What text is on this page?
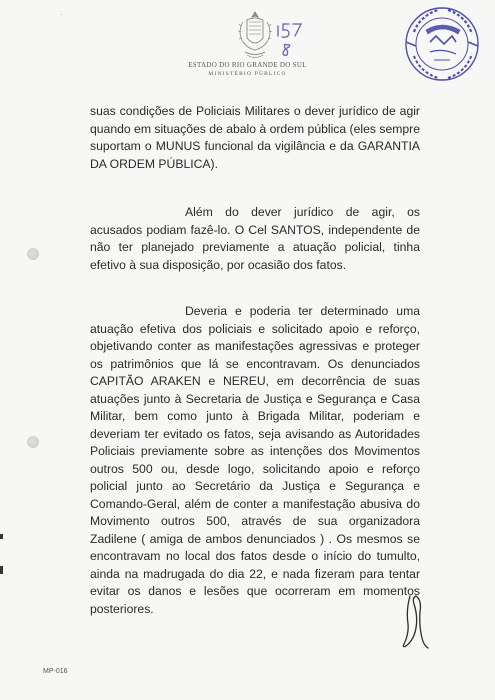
·
ESTADO DO RIO GRANDE DO SUL
MINISTÉRIO PÚBLICO

suas condições de Policiais Militares o dever jurídico de agir quando em situações de abalo à ordem pública (eles sempre suportam o MUNUS funcional da vigilância e da GARANTIA DA ORDEM PÚBLICA).

Além do dever jurídico de agir, os acusados podiam fazê-lo. O Cel SANTOS, independente de não ter planejado previamente a atuação policial, tinha efetivo à sua disposição, por ocasião dos fatos.

Deveria e poderia ter determinado uma atuação efetiva dos policiais e solicitado apoio e reforço, objetivando conter as manifestações agressivas e proteger os patrimônios que lá se encontravam. Os denunciados CAPITÃO ARAKEN e NEREU, em decorrência de suas atuações junto à Secretaria de Justiça e Segurança e Casa Militar, bem como junto à Brigada Militar, poderiam e deveriam ter evitado os fatos, seja avisando as Autoridades Policiais previamente sobre as intenções dos Movimentos outros 500 ou, desde logo, solicitando apoio e reforço policial junto ao Secretário da Justiça e Segurança e Comando-Geral, além de conter a manifestação abusiva do Movimento outros 500, através de sua organizadora Zadilene ( amiga de ambos denunciados ) . Os mesmos se encontravam no local dos fatos desde o início do tumulto, ainda na madrugada do dia 22, e nada fizeram para tentar evitar os danos e lesões que ocorreram em momentos posteriores.

MP-016
